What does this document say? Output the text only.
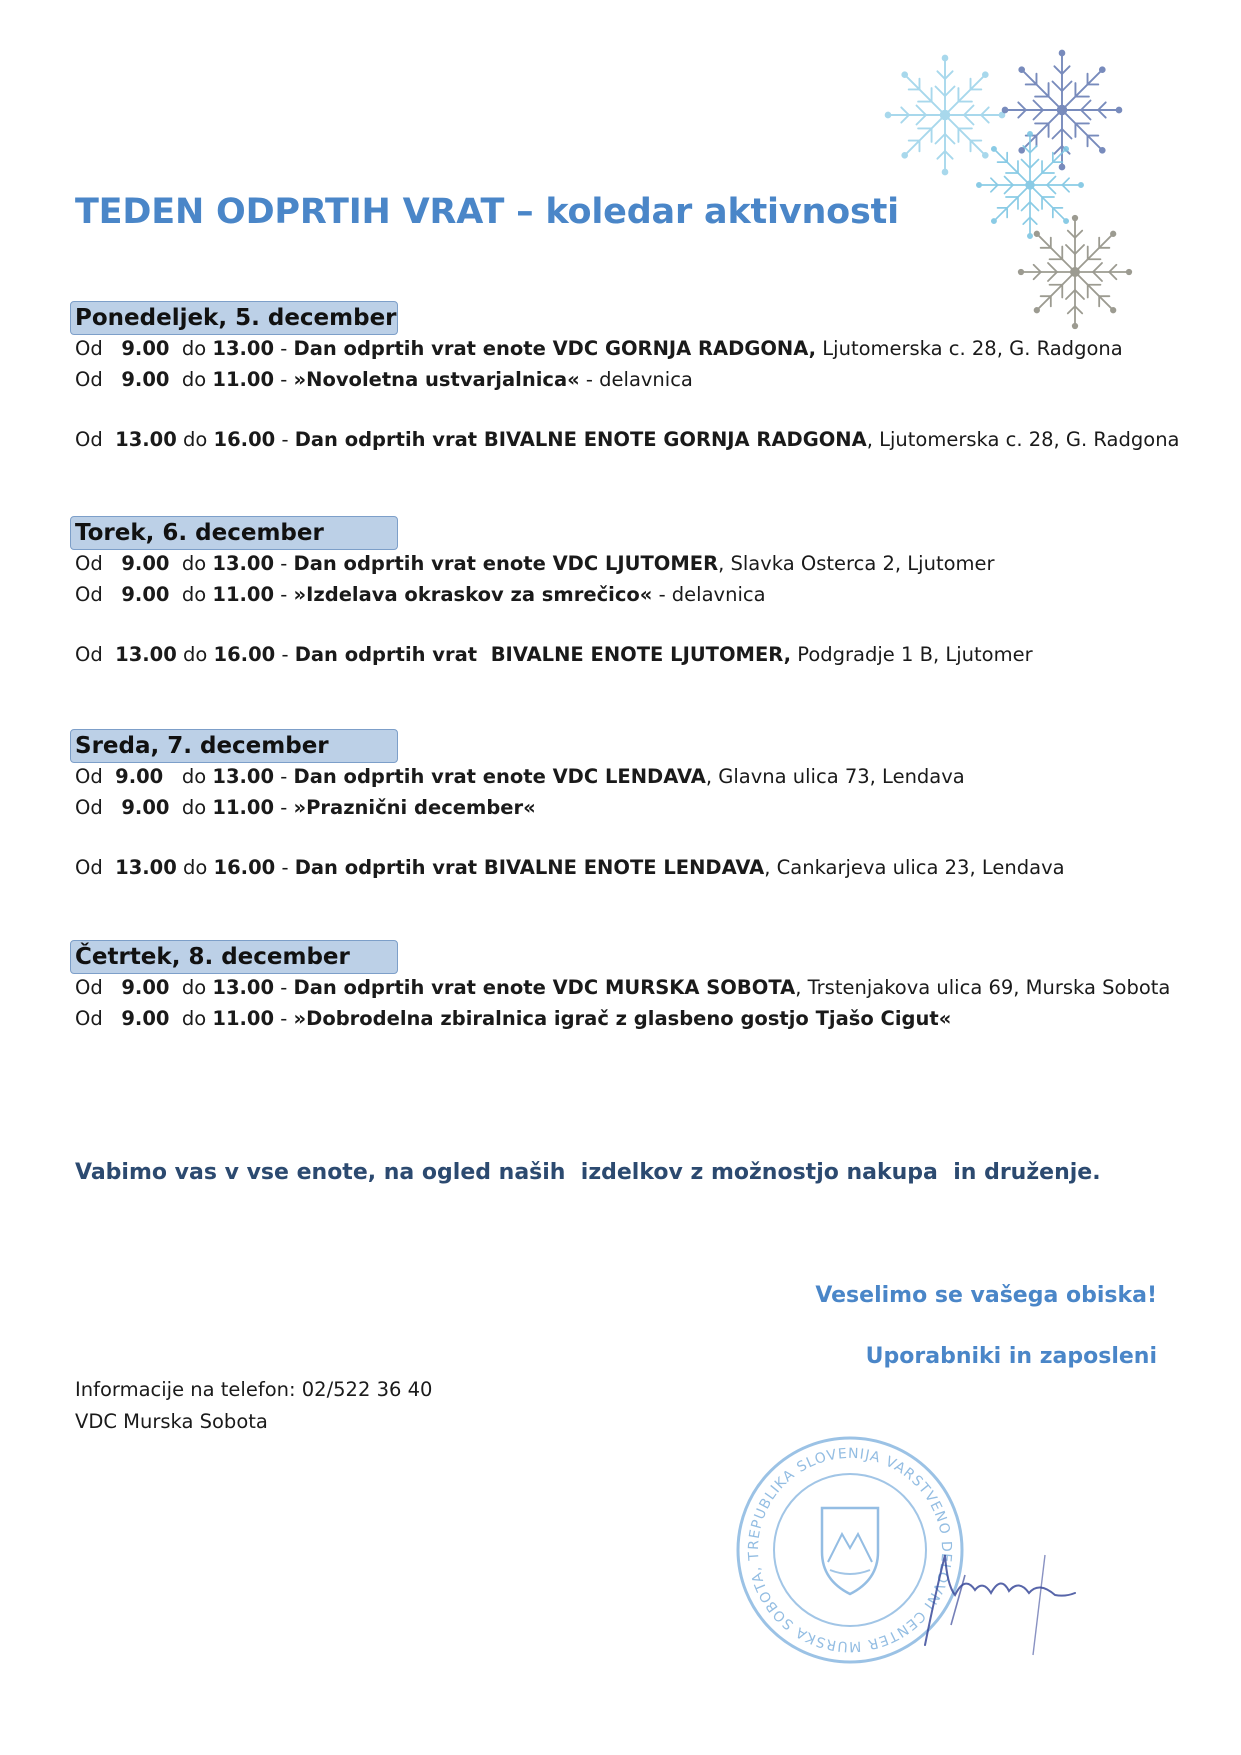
TEDEN ODPRTIH VRAT – koledar aktivnosti
Ponedeljek, 5. december
Od 9.00 do 13.00 - Dan odprtih vrat enote VDC GORNJA RADGONA, Ljutomerska c. 28, G. Radgona
Od 9.00 do 11.00 - »Novoletna ustvarjalnica« - delavnica
Od 13.00 do 16.00 - Dan odprtih vrat BIVALNE ENOTE GORNJA RADGONA, Ljutomerska c. 28, G. Radgona
Torek, 6. december
Od 9.00 do 13.00 - Dan odprtih vrat enote VDC LJUTOMER, Slavka Osterca 2, Ljutomer
Od 9.00 do 11.00 - »Izdelava okraskov za smrečico« - delavnica
Od 13.00 do 16.00 - Dan odprtih vrat  BIVALNE ENOTE LJUTOMER, Podgradje 1 B, Ljutomer
Sreda, 7. december
Od 9.00 do 13.00 - Dan odprtih vrat enote VDC LENDAVA, Glavna ulica 73, Lendava
Od 9.00 do 11.00 - »Praznični december«
Od 13.00 do 16.00 - Dan odprtih vrat BIVALNE ENOTE LENDAVA, Cankarjeva ulica 23, Lendava
Četrtek, 8. december
Od 9.00 do 13.00 - Dan odprtih vrat enote VDC MURSKA SOBOTA, Trstenjakova ulica 69, Murska Sobota
Od 9.00 do 11.00 - »Dobrodelna zbiralnica igrač z glasbeno gostjo Tjašo Cigut«
Vabimo vas v vse enote, na ogled naših  izdelkov z možnostjo nakupa  in druženje.
Veselimo se vašega obiska!
Uporabniki in zaposleni
Informacije na telefon: 02/522 36 40
VDC Murska Sobota
REPUBLIKA SLOVENIJA VARSTVENO DELOVNI CENTER MURSKA SOBOTA, Trstenjakova ulica 69
